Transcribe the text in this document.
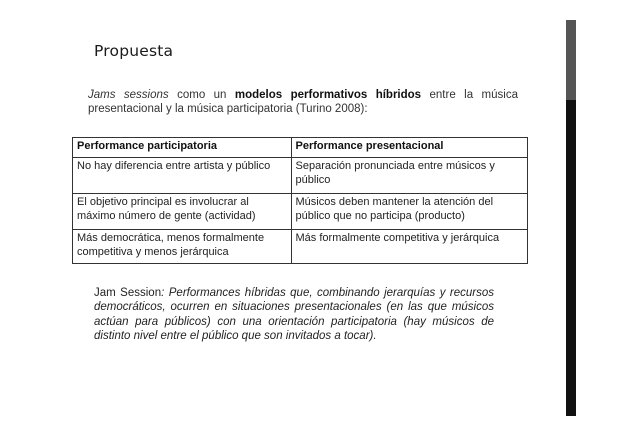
Propuesta
Jams sessions como un modelos performativos híbridos entre la música presentacional y la música participatoria (Turino 2008):
Performance participatoria	Performance presentacional
No hay diferencia entre artista y público	Separación pronunciada entre músicos y público
El objetivo principal es involucrar al máximo número de gente (actividad)	Músicos deben mantener la atención del público que no participa (producto)
Más democrática, menos formalmente competitiva y menos jerárquica	Más formalmente competitiva y jerárquica
Jam Session: Performances híbridas que, combinando jerarquías y recursos democráticos, ocurren en situaciones presentacionales (en las que músicos actúan para públicos) con una orientación participatoria (hay músicos de distinto nivel entre el público que son invitados a tocar).
